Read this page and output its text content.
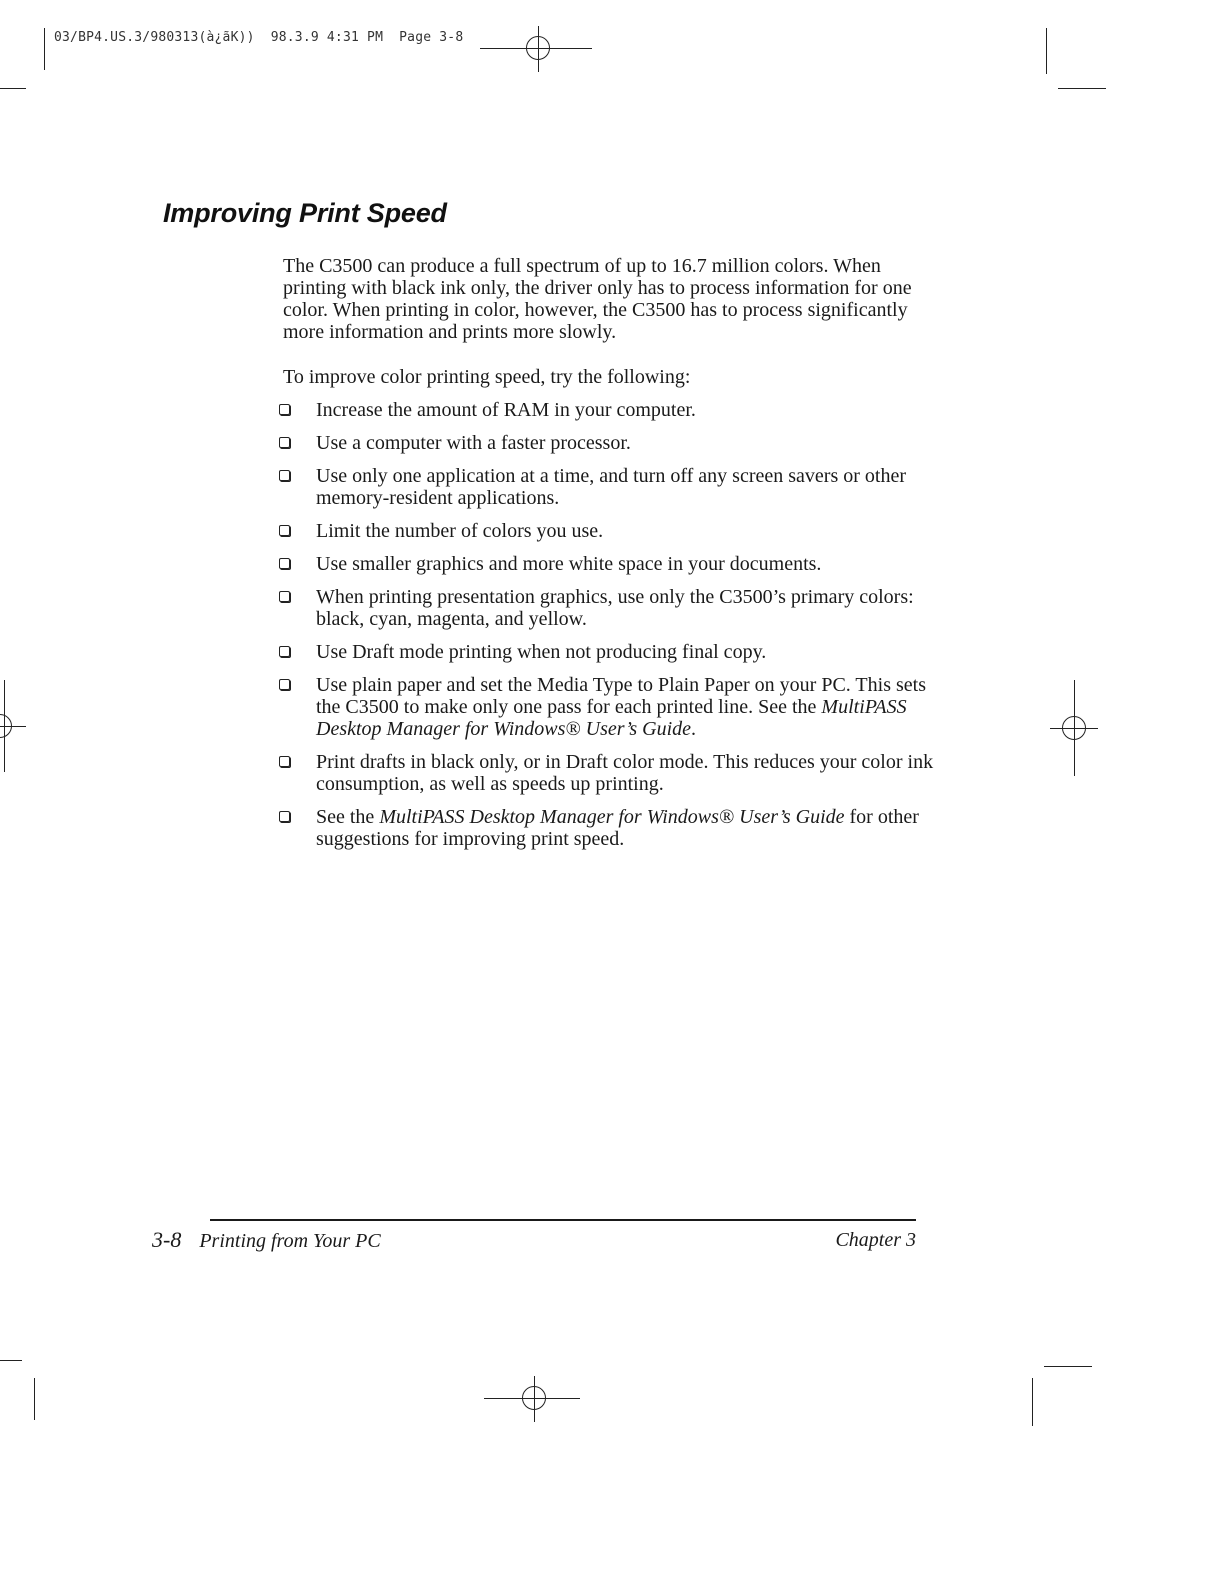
03/BP4.US.3/980313(à¿ãK))  98.3.9 4:31 PM  Page 3-8
Improving Print Speed

The C3500 can produce a full spectrum of up to 16.7 million colors. When printing with black ink only, the driver only has to process information for one color. When printing in color, however, the C3500 has to process significantly more information and prints more slowly.

To improve color printing speed, try the following:

Increase the amount of RAM in your computer.
Use a computer with a faster processor.
Use only one application at a time, and turn off any screen savers or other memory-resident applications.
Limit the number of colors you use.
Use smaller graphics and more white space in your documents.
When printing presentation graphics, use only the C3500’s primary colors: black, cyan, magenta, and yellow.
Use Draft mode printing when not producing final copy.
Use plain paper and set the Media Type to Plain Paper on your PC. This sets the C3500 to make only one pass for each printed line. See the MultiPASS Desktop Manager for Windows® User’s Guide.
Print drafts in black only, or in Draft color mode. This reduces your color ink consumption, as well as speeds up printing.
See the MultiPASS Desktop Manager for Windows® User’s Guide for other suggestions for improving print speed.
3-8 Printing from Your PC	Chapter 3
